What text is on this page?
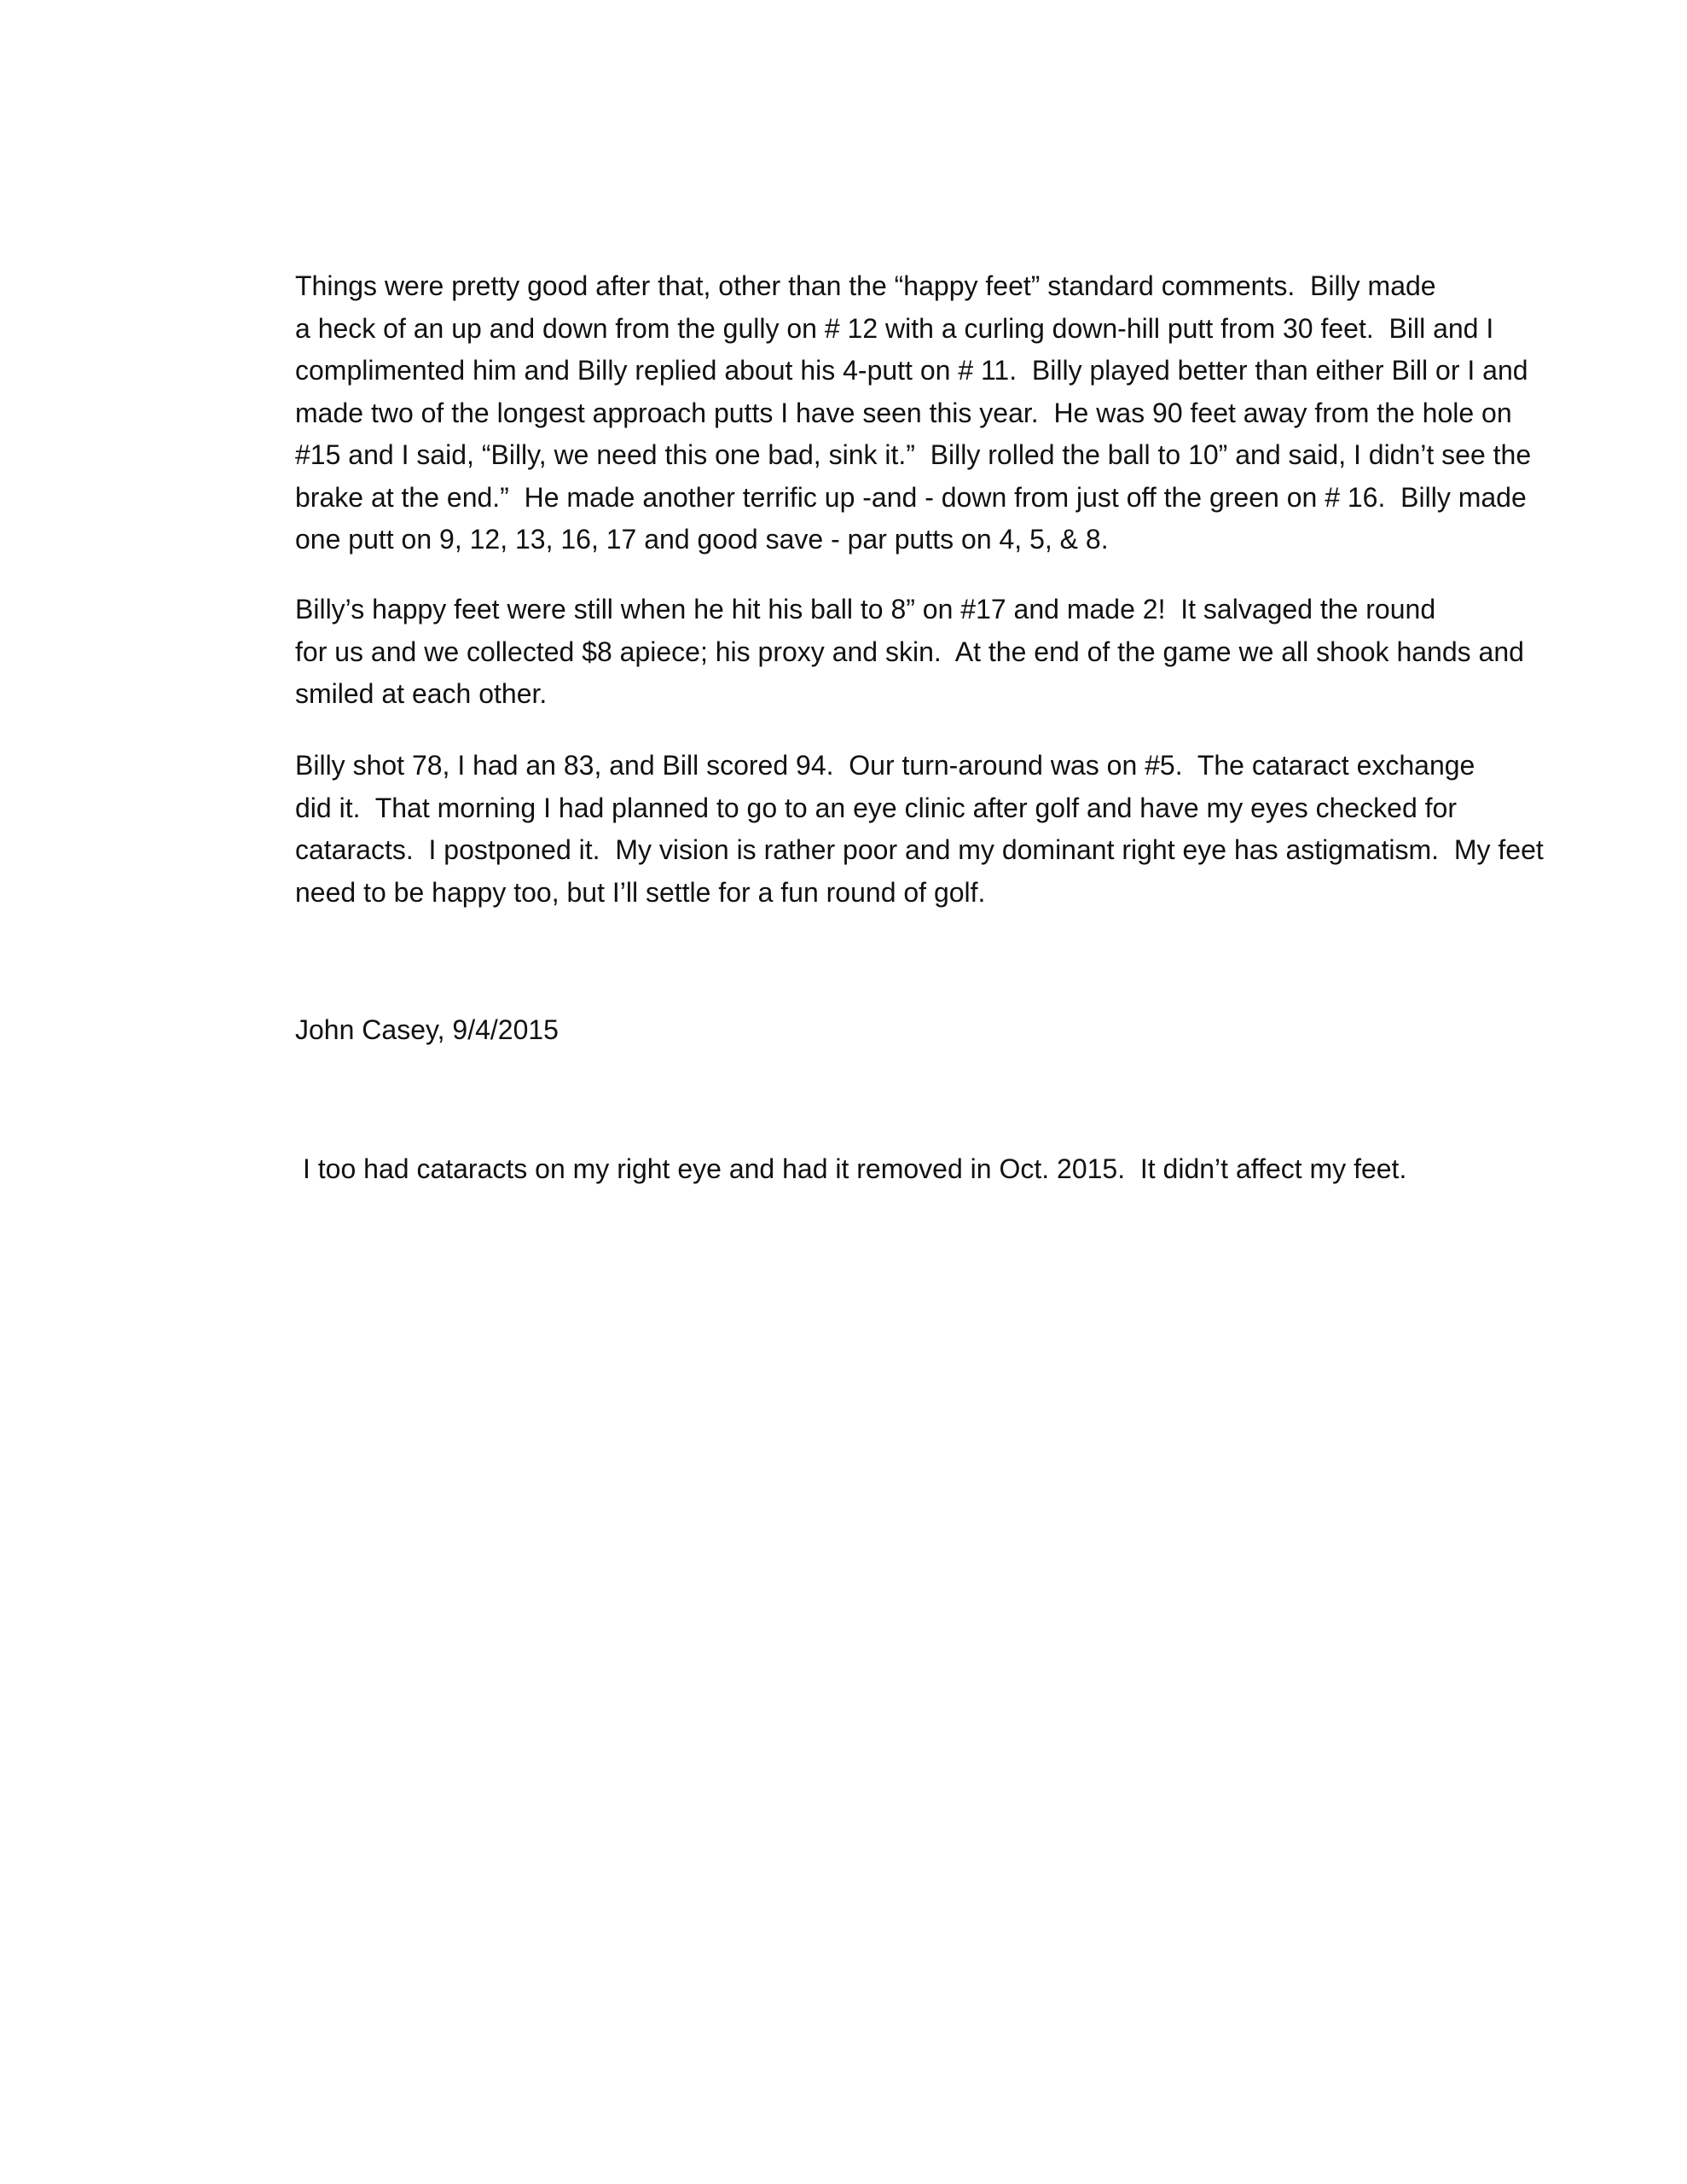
Things were pretty good after that, other than the “happy feet” standard comments.  Billy made
a heck of an up and down from the gully on # 12 with a curling down-hill putt from 30 feet.  Bill and I
complimented him and Billy replied about his 4-putt on # 11.  Billy played better than either Bill or I and
made two of the longest approach putts I have seen this year.  He was 90 feet away from the hole on
#15 and I said, “Billy, we need this one bad, sink it.”  Billy rolled the ball to 10” and said, I didn’t see the
brake at the end.”  He made another terrific up -and - down from just off the green on # 16.  Billy made
one putt on 9, 12, 13, 16, 17 and good save - par putts on 4, 5, & 8.

Billy’s happy feet were still when he hit his ball to 8” on #17 and made 2!  It salvaged the round
for us and we collected $8 apiece; his proxy and skin.  At the end of the game we all shook hands and
smiled at each other.

Billy shot 78, I had an 83, and Bill scored 94.  Our turn-around was on #5.  The cataract exchange
did it.  That morning I had planned to go to an eye clinic after golf and have my eyes checked for
cataracts.  I postponed it.  My vision is rather poor and my dominant right eye has astigmatism.  My feet
need to be happy too, but I’ll settle for a fun round of golf.

John Casey, 9/4/2015
I too had cataracts on my right eye and had it removed in Oct. 2015.  It didn’t affect my feet.
